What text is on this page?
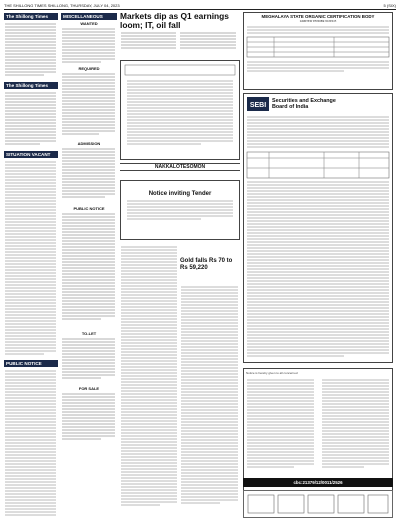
THE SHILLONG TIMES SHILLONG, THURSDAY, JULY 04, 2023	5 (SIX)
The Shillong Times
The Shillong Times
SITUATION VACANT
PUBLIC NOTICE
MISCELLANEOUS
WANTED
REQUIRED
ADMISSION
PUBLIC NOTICE
TO-LET
FOR SALE
Markets dip as Q1 earnings loom; IT, oil fall
MEGHALAYA STATE ORGANIC CERTIFICATION BODY
LIMITED TENDER NOTICE
SEBI
Securities and Exchange
Board of India
NAKKALOTESOMON
Notice inviting Tender
Gold falls Rs 70 to Rs 59,220
Notice is hereby given to all concerned
cbc:21379/12/0011/2526
